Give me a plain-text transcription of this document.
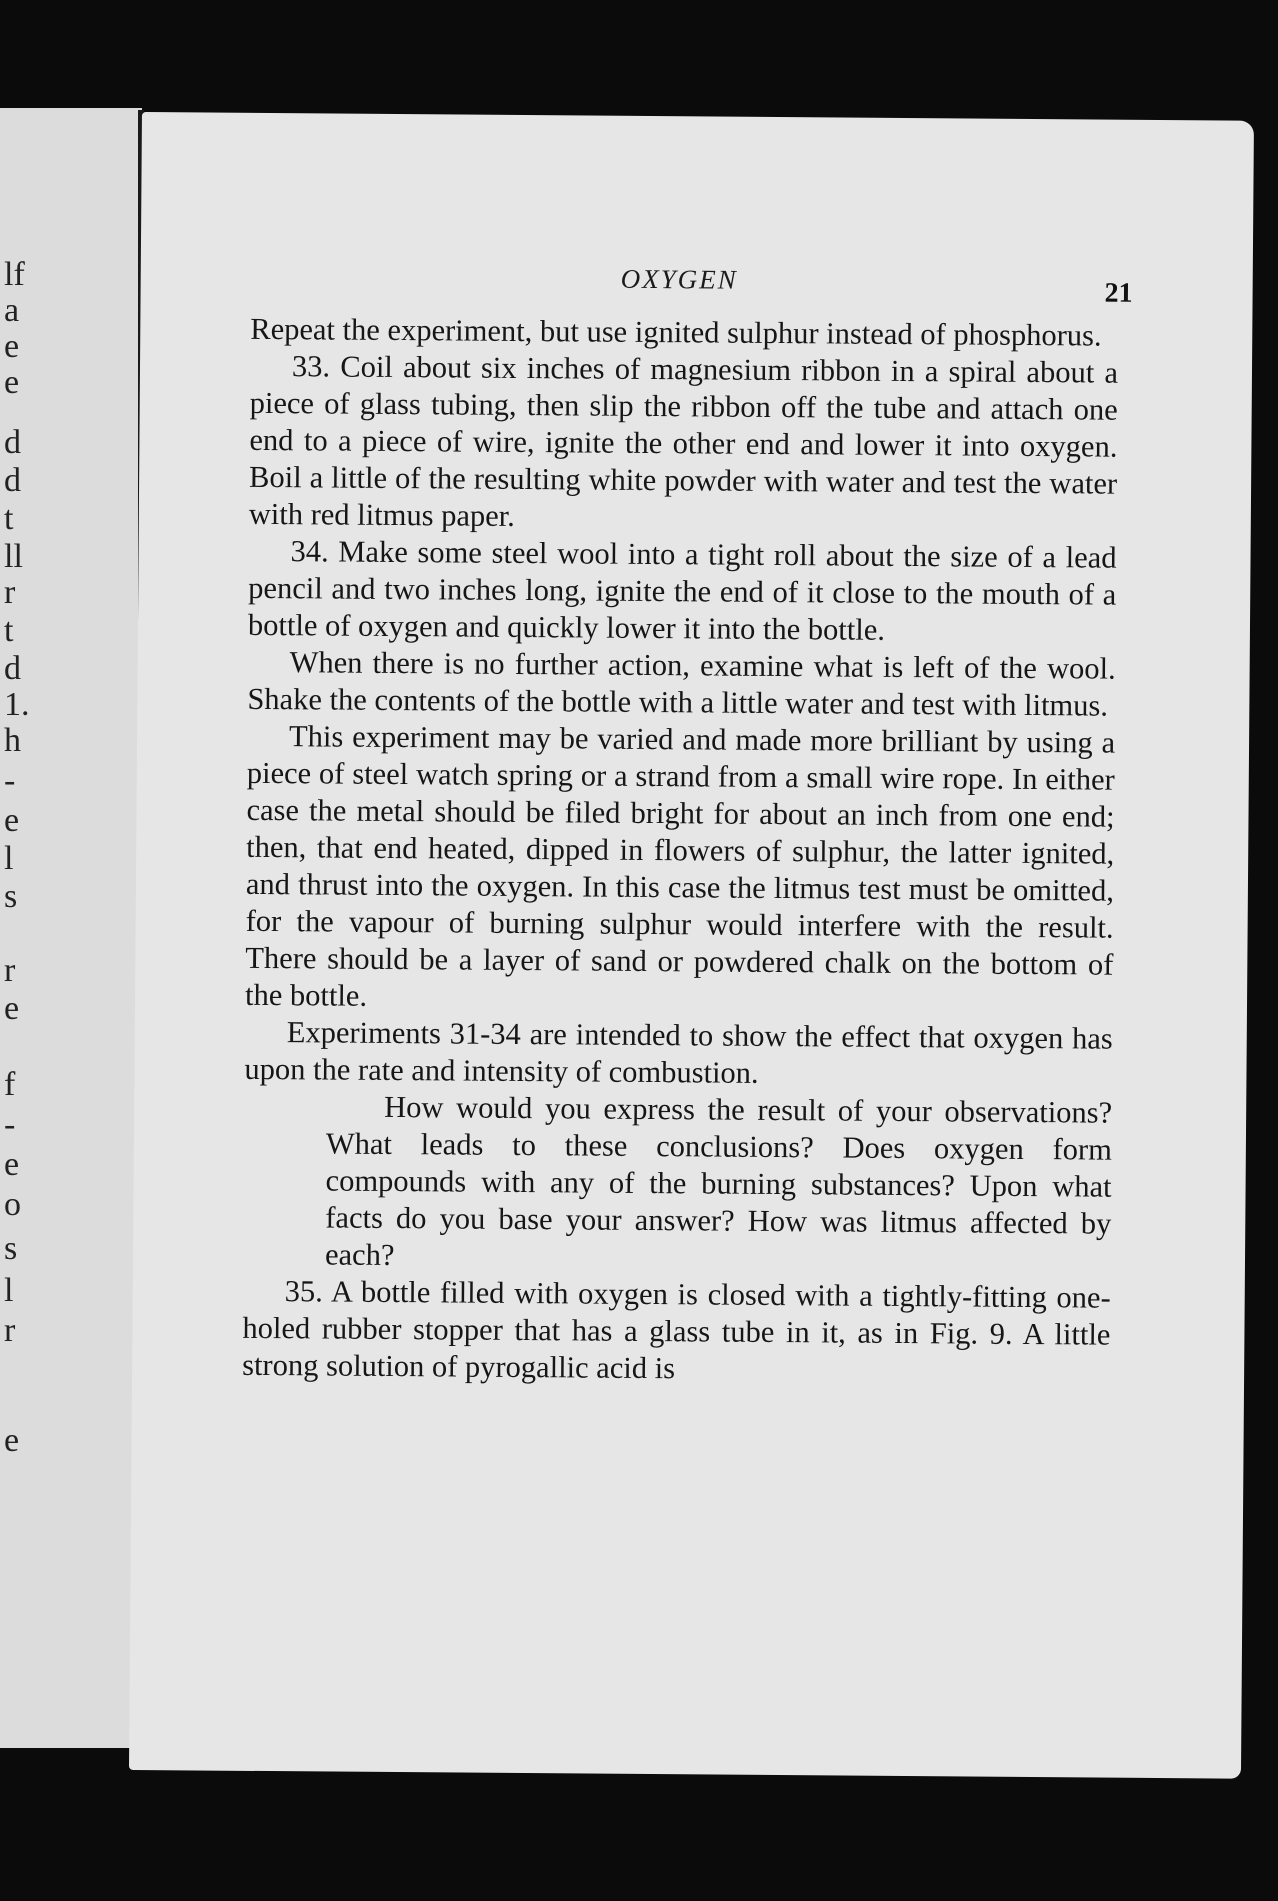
lf
a
e
e
d
d
t
ll
r
t
d
1.
h
-
e
l
s
r
e
f
-
e
o
s
l
r
e
OXYGEN	21

Repeat the experiment, but use ignited sulphur instead of phosphorus.

33. Coil about six inches of magnesium ribbon in a spiral about a piece of glass tubing, then slip the ribbon off the tube and attach one end to a piece of wire, ignite the other end and lower it into oxygen. Boil a little of the resulting white powder with water and test the water with red litmus paper.

34. Make some steel wool into a tight roll about the size of a lead pencil and two inches long, ignite the end of it close to the mouth of a bottle of oxygen and quickly lower it into the bottle.

When there is no further action, examine what is left of the wool. Shake the contents of the bottle with a little water and test with litmus.

This experiment may be varied and made more brilliant by using a piece of steel watch spring or a strand from a small wire rope. In either case the metal should be filed bright for about an inch from one end; then, that end heated, dipped in flowers of sulphur, the latter ignited, and thrust into the oxygen. In this case the litmus test must be omitted, for the vapour of burning sulphur would interfere with the result. There should be a layer of sand or powdered chalk on the bottom of the bottle.

Experiments 31-34 are intended to show the effect that oxygen has upon the rate and intensity of combustion.

How would you express the result of your observations? What leads to these conclusions? Does oxygen form compounds with any of the burning substances? Upon what facts do you base your answer? How was litmus affected by each?

35. A bottle filled with oxygen is closed with a tightly-fitting one-holed rubber stopper that has a glass tube in it, as in Fig. 9. A little strong solution of pyrogallic acid is
